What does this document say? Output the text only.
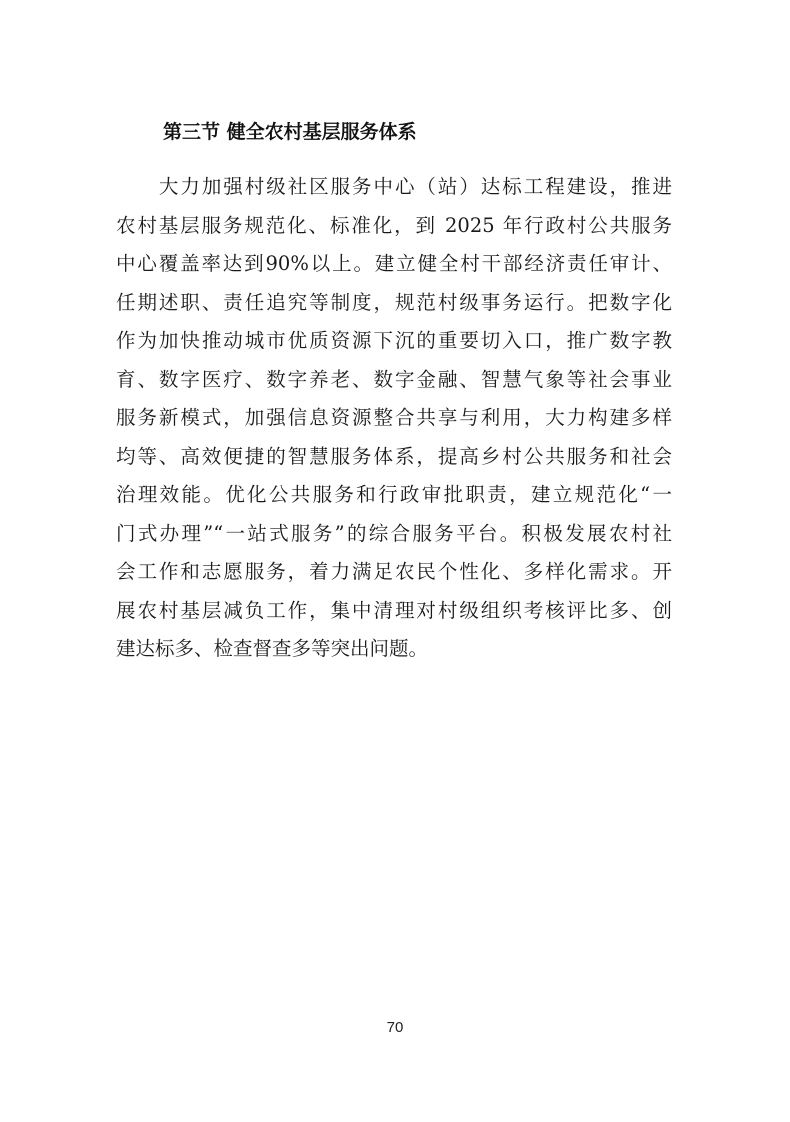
第三节 健全农村基层服务体系
　　大力加强村级社区服务中心（站）达标工程建设，推进
农村基层服务规范化、标准化，到 2025 年行政村公共服务
中心覆盖率达到90%以上。建立健全村干部经济责任审计、
任期述职、责任追究等制度，规范村级事务运行。把数字化
作为加快推动城市优质资源下沉的重要切入口，推广数字教
育、数字医疗、数字养老、数字金融、智慧气象等社会事业
服务新模式，加强信息资源整合共享与利用，大力构建多样
均等、高效便捷的智慧服务体系，提高乡村公共服务和社会
治理效能。优化公共服务和行政审批职责，建立规范化“一
门式办理”“一站式服务”的综合服务平台。积极发展农村社
会工作和志愿服务，着力满足农民个性化、多样化需求。开
展农村基层减负工作，集中清理对村级组织考核评比多、创
建达标多、检查督查多等突出问题。
70
